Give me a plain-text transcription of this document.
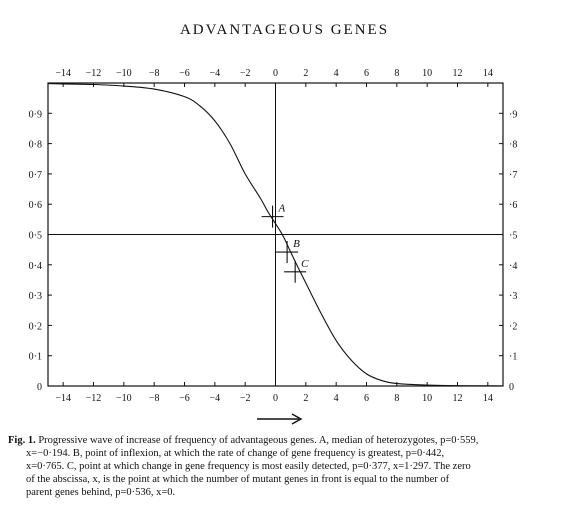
ADVANTAGEOUS GENES
−14
−14
−12
−12
−10
−10
−8
−8
−6
−6
−4
−4
−2
−2
0
0
2
2
4
4
6
6
8
8
10
10
12
12
14
14
0	0
0·1	·1
0·2	·2
0·3	·3
0·4	·4
0·5	·5
0·6	·6
0·7	·7
0·8	·8
0·9	·9
A
B
C
Fig. 1. Progressive wave of increase of frequency of advantageous genes. A, median of heterozygotes, p=0·559,
x=−0·194. B, point of inflexion, at which the rate of change of gene frequency is greatest, p=0·442,
x=0·765. C, point at which change in gene frequency is most easily detected, p=0·377, x=1·297. The zero
of the abscissa, x, is the point at which the number of mutant genes in front is equal to the number of
parent genes behind, p=0·536, x=0.
